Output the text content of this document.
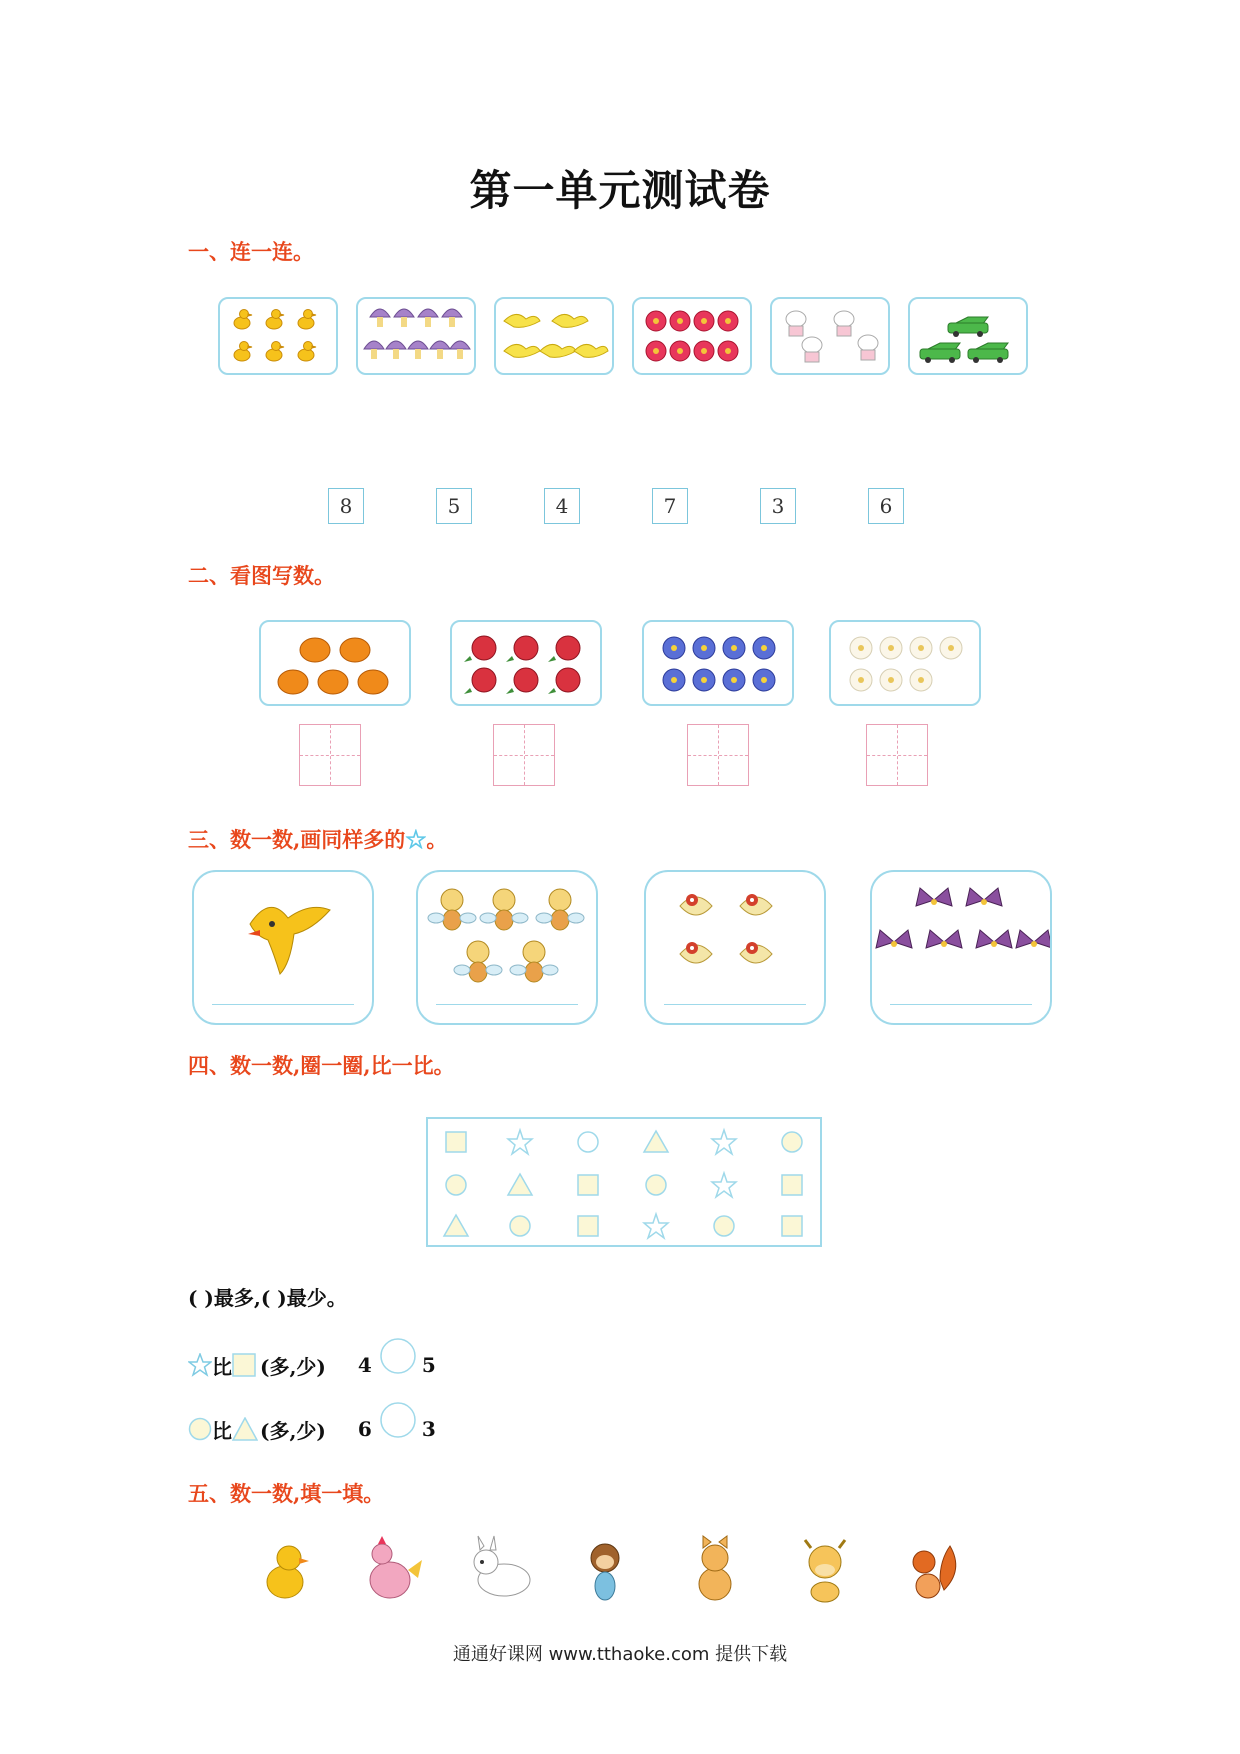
第一单元测试卷
一、连一连。
8	5	4	7	3	6
二、看图写数。
三、数一数,画同样多的☆。
四、数一数,圈一圈,比一比。
( )最多,( )最少。
比 (多,少) 4	5
比 (多,少) 6	3
五、数一数,填一填。
通通好课网 www.tthaoke.com 提供下载
